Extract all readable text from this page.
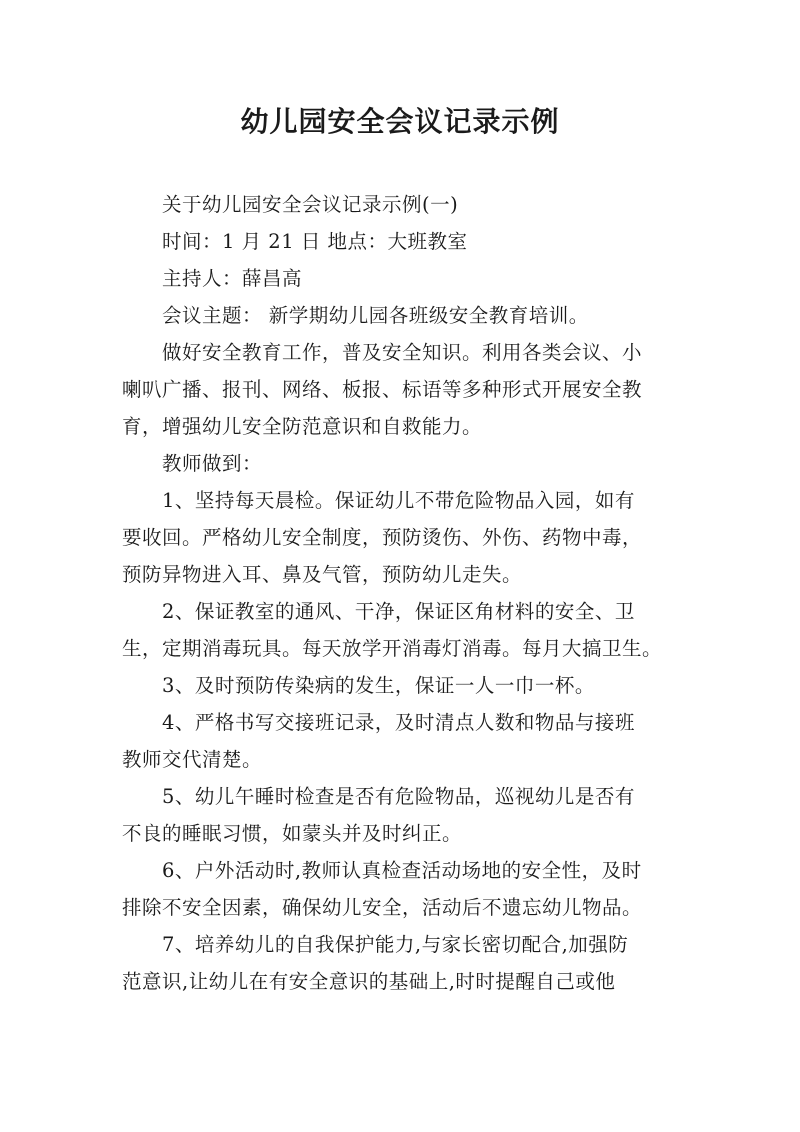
幼儿园安全会议记录示例
关于幼儿园安全会议记录示例(一)
时间：1 月 21 日 地点：大班教室
主持人：薛昌高
会议主题： 新学期幼儿园各班级安全教育培训。
做好安全教育工作，普及安全知识。利用各类会议、小
喇叭广播、报刊、网络、板报、标语等多种形式开展安全教
育，增强幼儿安全防范意识和自救能力。
教师做到：
1、坚持每天晨检。保证幼儿不带危险物品入园，如有
要收回。严格幼儿安全制度，预防烫伤、外伤、药物中毒，
预防异物进入耳、鼻及气管，预防幼儿走失。
2、保证教室的通风、干净，保证区角材料的安全、卫
生，定期消毒玩具。每天放学开消毒灯消毒。每月大搞卫生。
3、及时预防传染病的发生，保证一人一巾一杯。
4、严格书写交接班记录，及时清点人数和物品与接班
教师交代清楚。
5、幼儿午睡时检查是否有危险物品，巡视幼儿是否有
不良的睡眠习惯，如蒙头并及时纠正。
6、户外活动时,教师认真检查活动场地的安全性，及时
排除不安全因素，确保幼儿安全，活动后不遗忘幼儿物品。
7、培养幼儿的自我保护能力,与家长密切配合,加强防
范意识,让幼儿在有安全意识的基础上,时时提醒自己或他
